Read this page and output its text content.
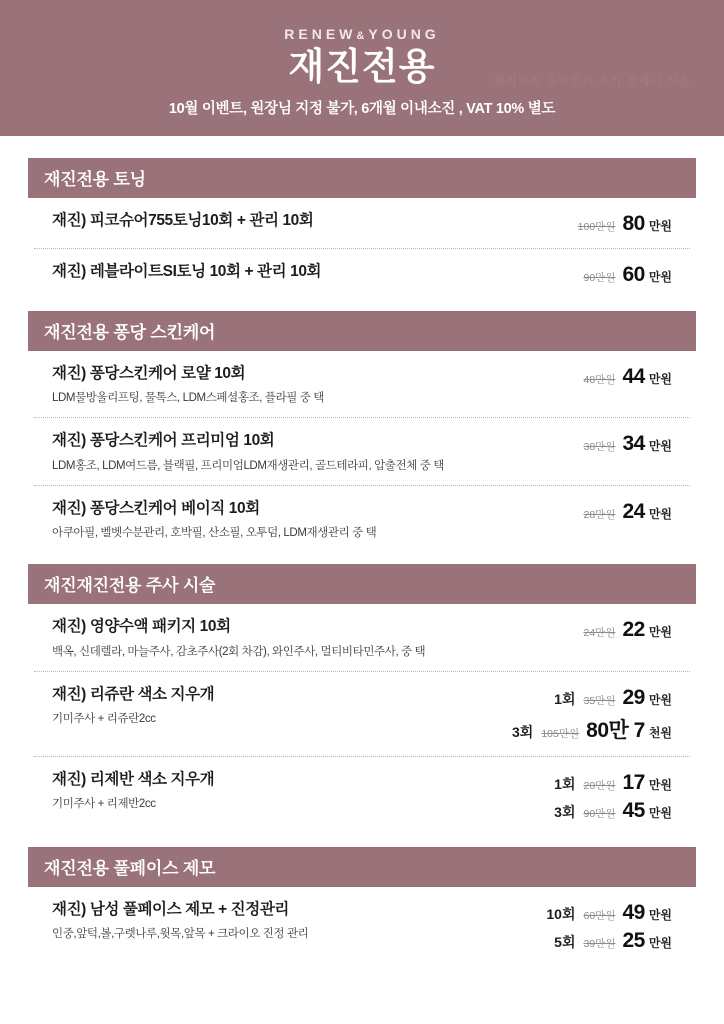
RENEW&YOUNG
재진전용
10월 이벤트, 원장님 지정 불가, 6개월 이내소진 , VAT 10% 별도
빠지지지 윤피부과 추가 결제시 적용
재진전용 토닝
재진) 피코슈어755토닝10회 + 관리 10회	100만원 80 만원
재진) 레블라이트SI토닝 10회 + 관리 10회	90만원 60 만원
재진전용 퐁당 스킨케어
재진) 퐁당스킨케어 로얄 10회
LDM물방울리프팅, 물톡스, LDM스페셜홍조, 플라필 중 택
48만원 44 만원
재진) 퐁당스킨케어 프리미엄 10회
LDM홍조, LDM여드름, 블랙필, 프리미엄LDM재생관리, 골드테라피, 압출전체 중 택
38만원 34 만원
재진) 퐁당스킨케어 베이직 10회
아쿠아필, 벨벳수분관리, 호박필, 산소필, 오투덤, LDM재생관리 중 택
28만원 24 만원
재진재진전용 주사 시술
재진) 영양수액 패키지 10회
백옥, 신데렐라, 마늘주사, 감초주사(2회 차감), 와인주사, 멀티비타민주사, 중 택
24만원 22 만원
재진) 리쥬란 색소 지우개
기미주사 + 리쥬란2cc
1회 35만원 29 만원
3회 105만원 80만 7 천원
재진) 리제반 색소 지우개
기미주사 + 리제반2cc
1회 20만원 17 만원
3회 90만원 45 만원
재진전용 풀페이스 제모
재진) 남성 풀페이스 제모 + 진정관리
인중,앞턱,볼,구렛나루,윗목,앞목 + 크라이오 진정 관리
10회 60만원 49 만원
5회 39만원 25 만원
